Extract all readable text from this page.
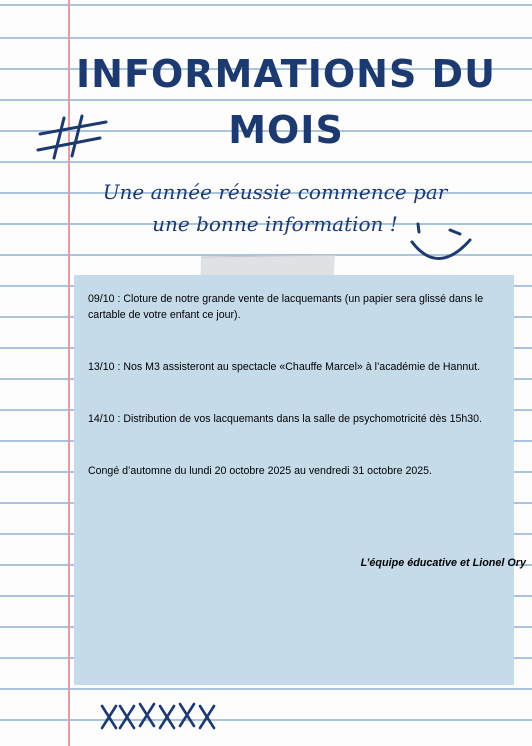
INFORMATIONS DU MOIS
Une année réussie commence par une bonne information !

09/10 : Cloture de notre grande vente de lacquemants (un papier sera glissé dans le cartable de votre enfant ce jour).

13/10 : Nos M3 assisteront au spectacle «Chauffe Marcel» à l’académie de Hannut.

14/10 : Distribution de vos lacquemants dans la salle de psychomotricité dès 15h30.

Congé d’automne du lundi 20 octobre 2025 au vendredi 31 octobre 2025.

L’équipe éducative et Lionel Ory
